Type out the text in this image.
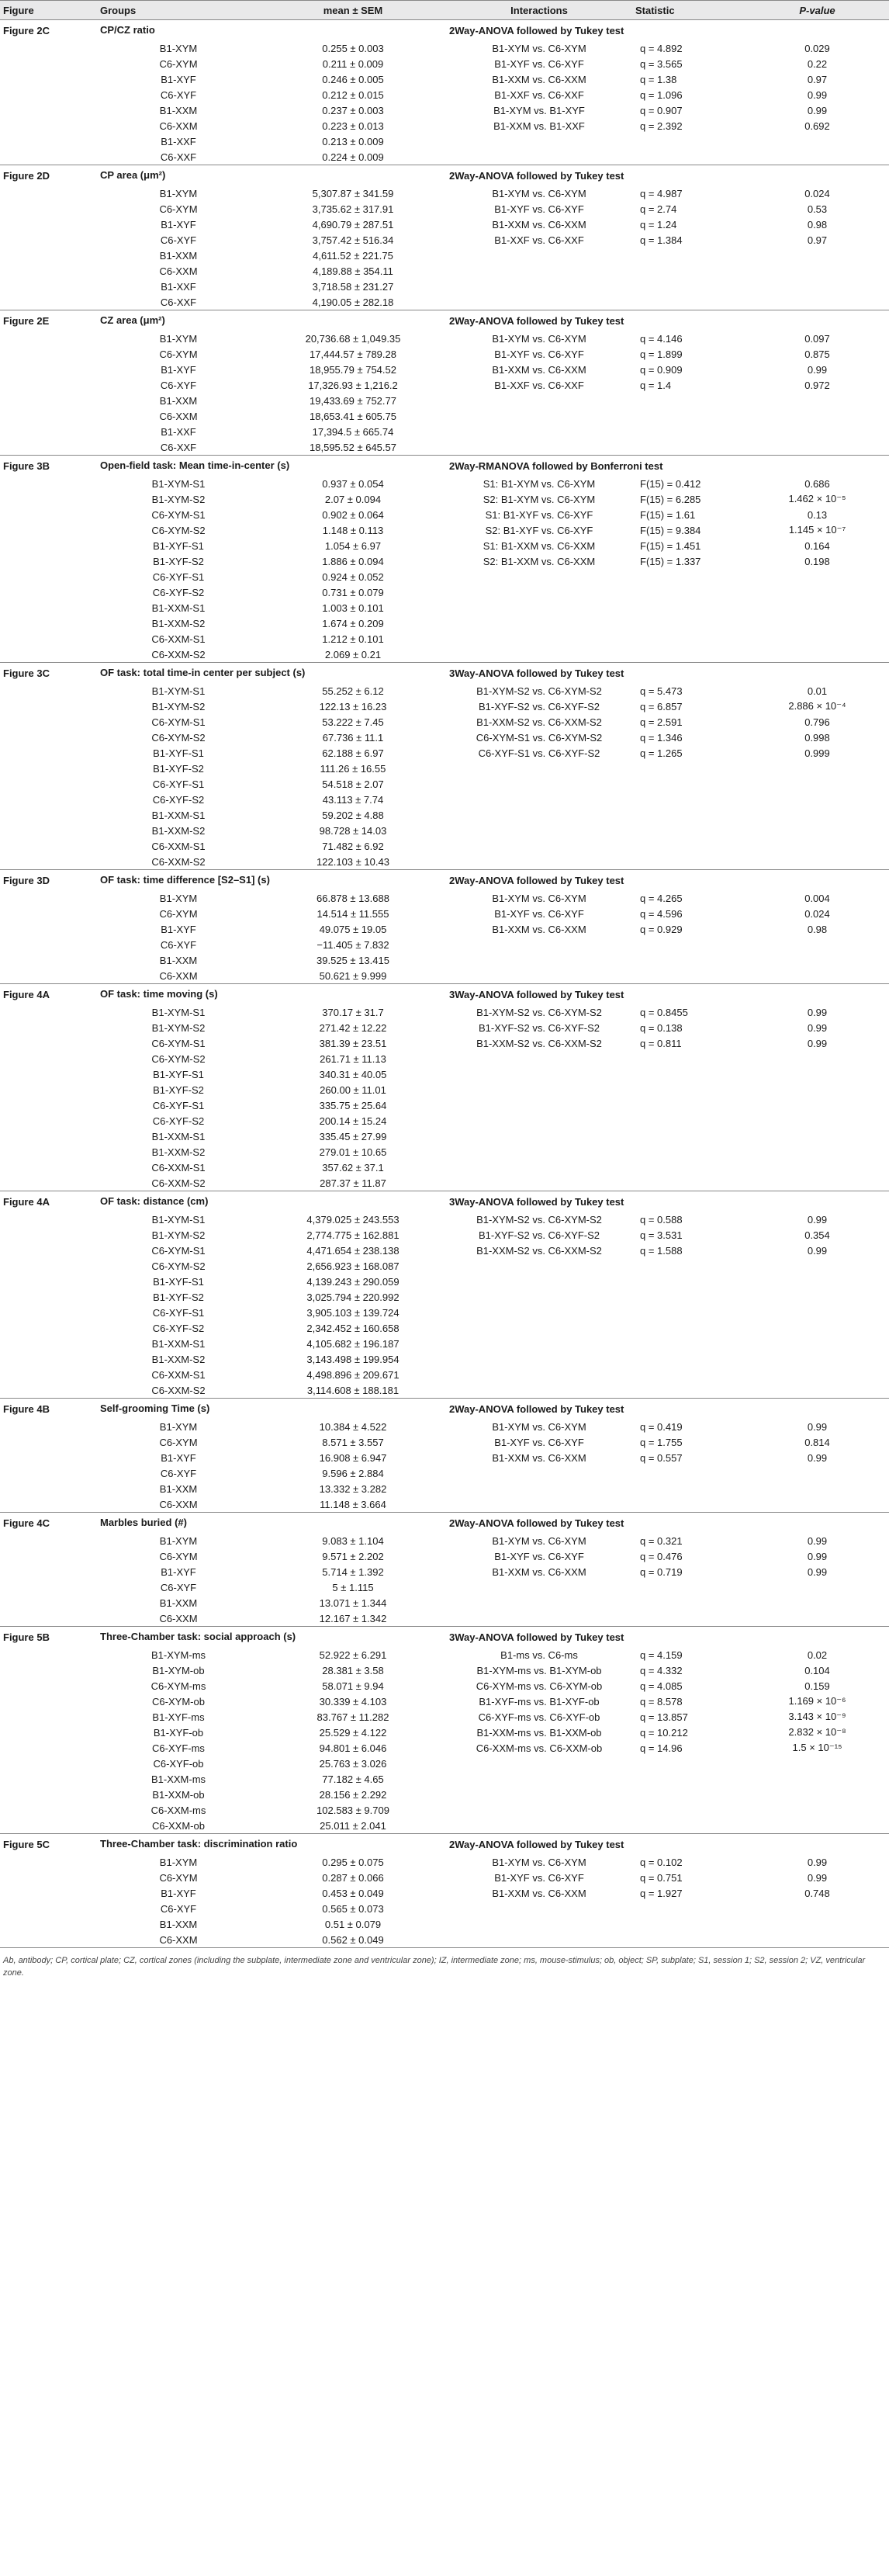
Figure	Groups	mean ± SEM	Interactions	Statistic	P-value
Figure 2C	CP/CZ ratio		2Way-ANOVA followed by Tukey test		
	B1-XYM	0.255 ± 0.003	B1-XYM vs. C6-XYM	q = 4.892	0.029
	C6-XYM	0.211 ± 0.009	B1-XYF vs. C6-XYF	q = 3.565	0.22
	B1-XYF	0.246 ± 0.005	B1-XXM vs. C6-XXM	q = 1.38	0.97
	C6-XYF	0.212 ± 0.015	B1-XXF vs. C6-XXF	q = 1.096	0.99
	B1-XXM	0.237 ± 0.003	B1-XYM vs. B1-XYF	q = 0.907	0.99
	C6-XXM	0.223 ± 0.013	B1-XXM vs. B1-XXF	q = 2.392	0.692
	B1-XXF	0.213 ± 0.009			
	C6-XXF	0.224 ± 0.009			
Figure 2D	CP area (μm²)		2Way-ANOVA followed by Tukey test		
	B1-XYM	5,307.87 ± 341.59	B1-XYM vs. C6-XYM	q = 4.987	0.024
	C6-XYM	3,735.62 ± 317.91	B1-XYF vs. C6-XYF	q = 2.74	0.53
	B1-XYF	4,690.79 ± 287.51	B1-XXM vs. C6-XXM	q = 1.24	0.98
	C6-XYF	3,757.42 ± 516.34	B1-XXF vs. C6-XXF	q = 1.384	0.97
	B1-XXM	4,611.52 ± 221.75			
	C6-XXM	4,189.88 ± 354.11			
	B1-XXF	3,718.58 ± 231.27			
	C6-XXF	4,190.05 ± 282.18			
Figure 2E	CZ area (μm²)		2Way-ANOVA followed by Tukey test		
	B1-XYM	20,736.68 ± 1,049.35	B1-XYM vs. C6-XYM	q = 4.146	0.097
	C6-XYM	17,444.57 ± 789.28	B1-XYF vs. C6-XYF	q = 1.899	0.875
	B1-XYF	18,955.79 ± 754.52	B1-XXM vs. C6-XXM	q = 0.909	0.99
	C6-XYF	17,326.93 ± 1,216.2	B1-XXF vs. C6-XXF	q = 1.4	0.972
	B1-XXM	19,433.69 ± 752.77			
	C6-XXM	18,653.41 ± 605.75			
	B1-XXF	17,394.5 ± 665.74			
	C6-XXF	18,595.52 ± 645.57			
Figure 3B	Open-field task: Mean time-in-center (s)		2Way-RMANOVA followed by Bonferroni test		
	B1-XYM-S1	0.937 ± 0.054	S1: B1-XYM vs. C6-XYM	F(15) = 0.412	0.686
	B1-XYM-S2	2.07 ± 0.094	S2: B1-XYM vs. C6-XYM	F(15) = 6.285	1.462 × 10⁻⁵
	C6-XYM-S1	0.902 ± 0.064	S1: B1-XYF vs. C6-XYF	F(15) = 1.61	0.13
	C6-XYM-S2	1.148 ± 0.113	S2: B1-XYF vs. C6-XYF	F(15) = 9.384	1.145 × 10⁻⁷
	B1-XYF-S1	1.054 ± 6.97	S1: B1-XXM vs. C6-XXM	F(15) = 1.451	0.164
	B1-XYF-S2	1.886 ± 0.094	S2: B1-XXM vs. C6-XXM	F(15) = 1.337	0.198
	C6-XYF-S1	0.924 ± 0.052			
	C6-XYF-S2	0.731 ± 0.079			
	B1-XXM-S1	1.003 ± 0.101			
	B1-XXM-S2	1.674 ± 0.209			
	C6-XXM-S1	1.212 ± 0.101			
	C6-XXM-S2	2.069 ± 0.21			
Figure 3C	OF task: total time-in center per subject (s)		3Way-ANOVA followed by Tukey test		
	B1-XYM-S1	55.252 ± 6.12	B1-XYM-S2 vs. C6-XYM-S2	q = 5.473	0.01
	B1-XYM-S2	122.13 ± 16.23	B1-XYF-S2 vs. C6-XYF-S2	q = 6.857	2.886 × 10⁻⁴
	C6-XYM-S1	53.222 ± 7.45	B1-XXM-S2 vs. C6-XXM-S2	q = 2.591	0.796
	C6-XYM-S2	67.736 ± 11.1	C6-XYM-S1 vs. C6-XYM-S2	q = 1.346	0.998
	B1-XYF-S1	62.188 ± 6.97	C6-XYF-S1 vs. C6-XYF-S2	q = 1.265	0.999
	B1-XYF-S2	111.26 ± 16.55			
	C6-XYF-S1	54.518 ± 2.07			
	C6-XYF-S2	43.113 ± 7.74			
	B1-XXM-S1	59.202 ± 4.88			
	B1-XXM-S2	98.728 ± 14.03			
	C6-XXM-S1	71.482 ± 6.92			
	C6-XXM-S2	122.103 ± 10.43			
Figure 3D	OF task: time difference [S2–S1] (s)		2Way-ANOVA followed by Tukey test		
	B1-XYM	66.878 ± 13.688	B1-XYM vs. C6-XYM	q = 4.265	0.004
	C6-XYM	14.514 ± 11.555	B1-XYF vs. C6-XYF	q = 4.596	0.024
	B1-XYF	49.075 ± 19.05	B1-XXM vs. C6-XXM	q = 0.929	0.98
	C6-XYF	−11.405 ± 7.832			
	B1-XXM	39.525 ± 13.415			
	C6-XXM	50.621 ± 9.999			
Figure 4A	OF task: time moving (s)		3Way-ANOVA followed by Tukey test		
	B1-XYM-S1	370.17 ± 31.7	B1-XYM-S2 vs. C6-XYM-S2	q = 0.8455	0.99
	B1-XYM-S2	271.42 ± 12.22	B1-XYF-S2 vs. C6-XYF-S2	q = 0.138	0.99
	C6-XYM-S1	381.39 ± 23.51	B1-XXM-S2 vs. C6-XXM-S2	q = 0.811	0.99
	C6-XYM-S2	261.71 ± 11.13			
	B1-XYF-S1	340.31 ± 40.05			
	B1-XYF-S2	260.00 ± 11.01			
	C6-XYF-S1	335.75 ± 25.64			
	C6-XYF-S2	200.14 ± 15.24			
	B1-XXM-S1	335.45 ± 27.99			
	B1-XXM-S2	279.01 ± 10.65			
	C6-XXM-S1	357.62 ± 37.1			
	C6-XXM-S2	287.37 ± 11.87			
Figure 4A	OF task: distance (cm)		3Way-ANOVA followed by Tukey test		
	B1-XYM-S1	4,379.025 ± 243.553	B1-XYM-S2 vs. C6-XYM-S2	q = 0.588	0.99
	B1-XYM-S2	2,774.775 ± 162.881	B1-XYF-S2 vs. C6-XYF-S2	q = 3.531	0.354
	C6-XYM-S1	4,471.654 ± 238.138	B1-XXM-S2 vs. C6-XXM-S2	q = 1.588	0.99
	C6-XYM-S2	2,656.923 ± 168.087			
	B1-XYF-S1	4,139.243 ± 290.059			
	B1-XYF-S2	3,025.794 ± 220.992			
	C6-XYF-S1	3,905.103 ± 139.724			
	C6-XYF-S2	2,342.452 ± 160.658			
	B1-XXM-S1	4,105.682 ± 196.187			
	B1-XXM-S2	3,143.498 ± 199.954			
	C6-XXM-S1	4,498.896 ± 209.671			
	C6-XXM-S2	3,114.608 ± 188.181			
Figure 4B	Self-grooming Time (s)		2Way-ANOVA followed by Tukey test		
	B1-XYM	10.384 ± 4.522	B1-XYM vs. C6-XYM	q = 0.419	0.99
	C6-XYM	8.571 ± 3.557	B1-XYF vs. C6-XYF	q = 1.755	0.814
	B1-XYF	16.908 ± 6.947	B1-XXM vs. C6-XXM	q = 0.557	0.99
	C6-XYF	9.596 ± 2.884			
	B1-XXM	13.332 ± 3.282			
	C6-XXM	11.148 ± 3.664			
Figure 4C	Marbles buried (#)		2Way-ANOVA followed by Tukey test		
	B1-XYM	9.083 ± 1.104	B1-XYM vs. C6-XYM	q = 0.321	0.99
	C6-XYM	9.571 ± 2.202	B1-XYF vs. C6-XYF	q = 0.476	0.99
	B1-XYF	5.714 ± 1.392	B1-XXM vs. C6-XXM	q = 0.719	0.99
	C6-XYF	5 ± 1.115			
	B1-XXM	13.071 ± 1.344			
	C6-XXM	12.167 ± 1.342			
Figure 5B	Three-Chamber task: social approach (s)		3Way-ANOVA followed by Tukey test		
	B1-XYM-ms	52.922 ± 6.291	B1-ms vs. C6-ms	q = 4.159	0.02
	B1-XYM-ob	28.381 ± 3.58	B1-XYM-ms vs. B1-XYM-ob	q = 4.332	0.104
	C6-XYM-ms	58.071 ± 9.94	C6-XYM-ms vs. C6-XYM-ob	q = 4.085	0.159
	C6-XYM-ob	30.339 ± 4.103	B1-XYF-ms vs. B1-XYF-ob	q = 8.578	1.169 × 10⁻⁶
	B1-XYF-ms	83.767 ± 11.282	C6-XYF-ms vs. C6-XYF-ob	q = 13.857	3.143 × 10⁻⁹
	B1-XYF-ob	25.529 ± 4.122	B1-XXM-ms vs. B1-XXM-ob	q = 10.212	2.832 × 10⁻⁸
	C6-XYF-ms	94.801 ± 6.046	C6-XXM-ms vs. C6-XXM-ob	q = 14.96	1.5 × 10⁻¹⁵
	C6-XYF-ob	25.763 ± 3.026			
	B1-XXM-ms	77.182 ± 4.65			
	B1-XXM-ob	28.156 ± 2.292			
	C6-XXM-ms	102.583 ± 9.709			
	C6-XXM-ob	25.011 ± 2.041			
Figure 5C	Three-Chamber task: discrimination ratio		2Way-ANOVA followed by Tukey test		
	B1-XYM	0.295 ± 0.075	B1-XYM vs. C6-XYM	q = 0.102	0.99
	C6-XYM	0.287 ± 0.066	B1-XYF vs. C6-XYF	q = 0.751	0.99
	B1-XYF	0.453 ± 0.049	B1-XXM vs. C6-XXM	q = 1.927	0.748
	C6-XYF	0.565 ± 0.073			
	B1-XXM	0.51 ± 0.079			
	C6-XXM	0.562 ± 0.049			
Ab, antibody; CP, cortical plate; CZ, cortical zones (including the subplate, intermediate zone and ventricular zone); IZ, intermediate zone; ms, mouse-stimulus; ob, object; SP, subplate; S1, session 1; S2, session 2; VZ, ventricular zone.
